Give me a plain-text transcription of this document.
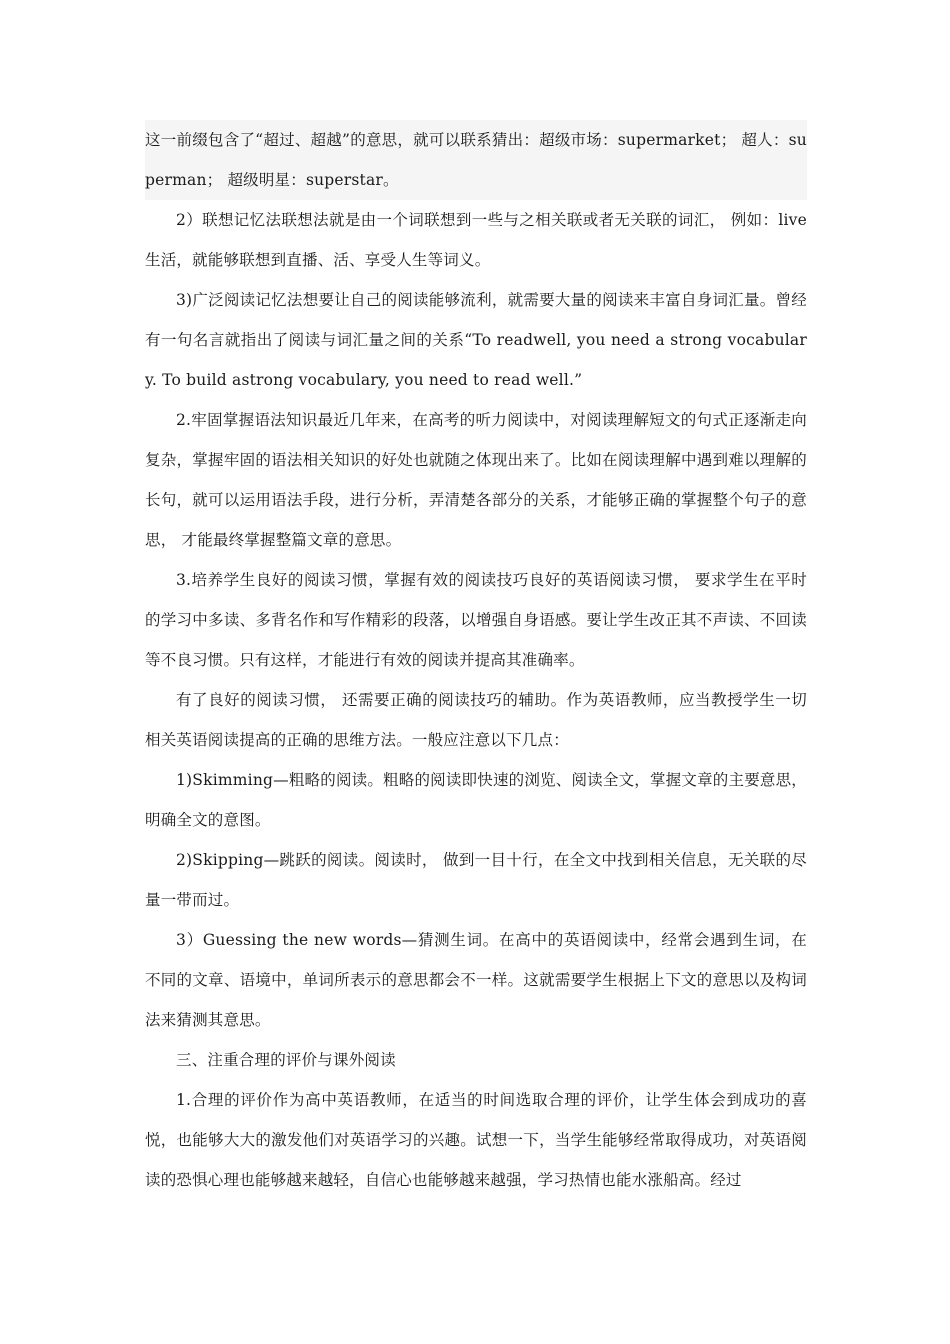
这一前缀包含了“超过、超越”的意思，就可以联系猜出：超级市场：supermarket； 超人：superman； 超级明星：superstar。

2）联想记忆法联想法就是由一个词联想到一些与之相关联或者无关联的词汇， 例如：live 生活，就能够联想到直播、活、享受人生等词义。

3)广泛阅读记忆法想要让自己的阅读能够流利，就需要大量的阅读来丰富自身词汇量。曾经有一句名言就指出了阅读与词汇量之间的关系“To readwell, you need a strong vocabulary. To build astrong vocabulary, you need to read well.”

2.牢固掌握语法知识最近几年来，在高考的听力阅读中，对阅读理解短文的句式正逐渐走向复杂，掌握牢固的语法相关知识的好处也就随之体现出来了。比如在阅读理解中遇到难以理解的长句，就可以运用语法手段，进行分析，弄清楚各部分的关系，才能够正确的掌握整个句子的意思， 才能最终掌握整篇文章的意思。

3.培养学生良好的阅读习惯，掌握有效的阅读技巧良好的英语阅读习惯， 要求学生在平时的学习中多读、多背名作和写作精彩的段落，以增强自身语感。要让学生改正其不声读、不回读等不良习惯。只有这样，才能进行有效的阅读并提高其准确率。

有了良好的阅读习惯， 还需要正确的阅读技巧的辅助。作为英语教师，应当教授学生一切相关英语阅读提高的正确的思维方法。一般应注意以下几点：

1)Skimming—粗略的阅读。粗略的阅读即快速的浏览、阅读全文，掌握文章的主要意思，明确全文的意图。

2)Skipping—跳跃的阅读。阅读时， 做到一目十行，在全文中找到相关信息，无关联的尽量一带而过。

3）Guessing the new words—猜测生词。在高中的英语阅读中，经常会遇到生词，在不同的文章、语境中，单词所表示的意思都会不一样。这就需要学生根据上下文的意思以及构词法来猜测其意思。

三、注重合理的评价与课外阅读

1.合理的评价作为高中英语教师，在适当的时间选取合理的评价，让学生体会到成功的喜悦，也能够大大的激发他们对英语学习的兴趣。试想一下，当学生能够经常取得成功，对英语阅读的恐惧心理也能够越来越轻，自信心也能够越来越强，学习热情也能水涨船高。经过
